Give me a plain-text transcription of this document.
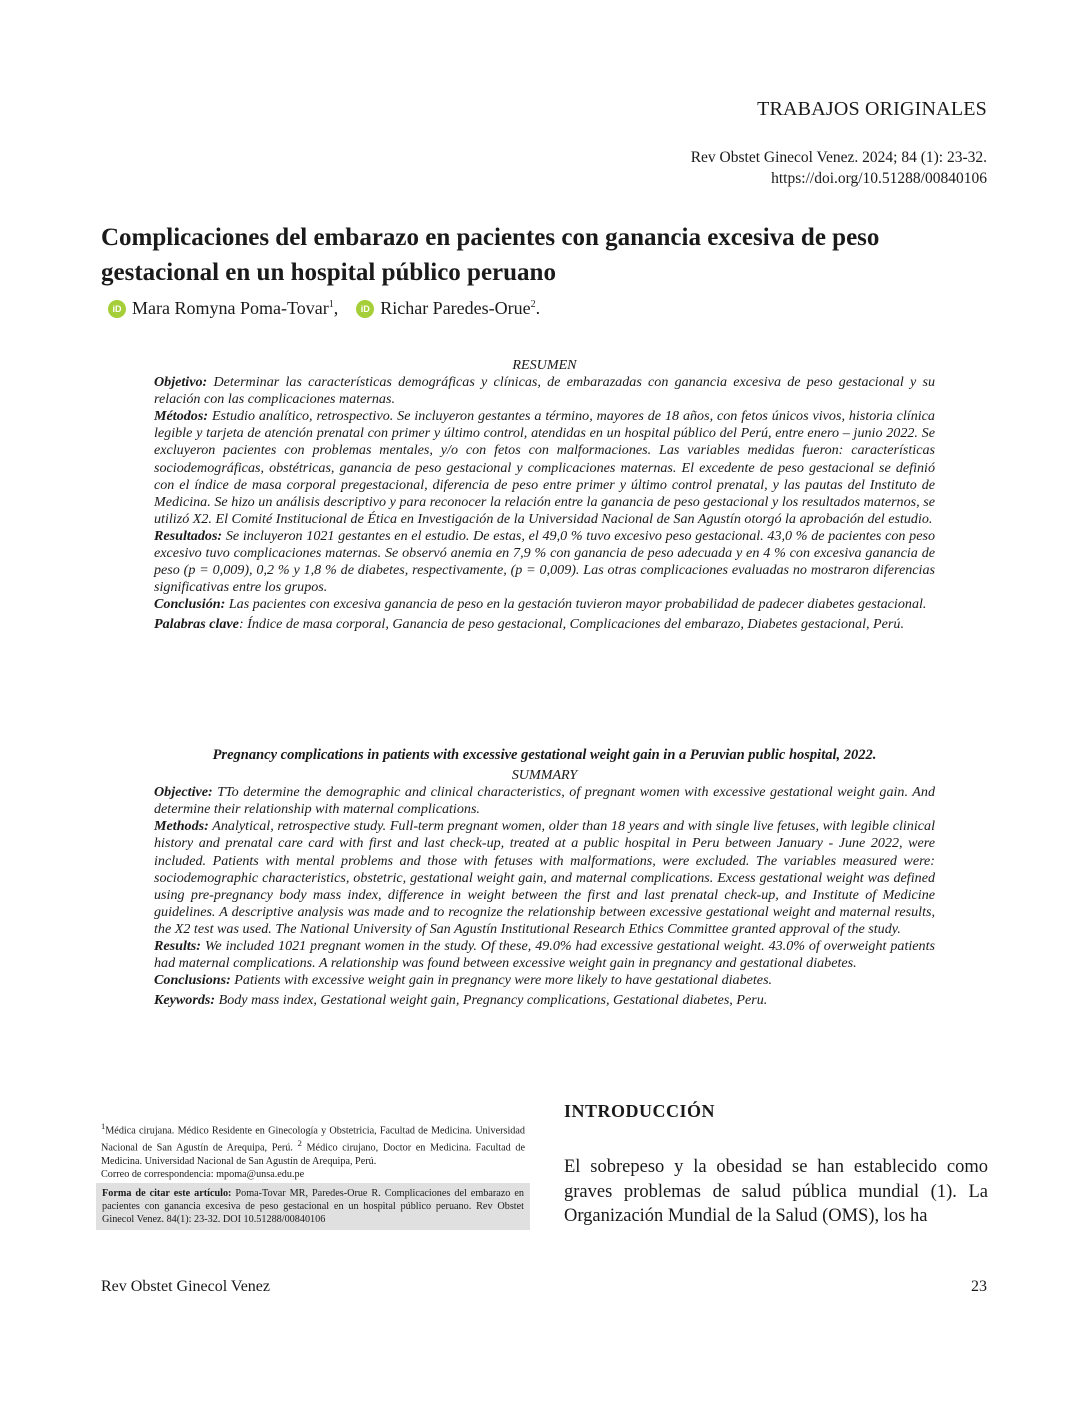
TRABAJOS ORIGINALES
Rev Obstet Ginecol Venez. 2024; 84 (1): 23-32.
https://doi.org/10.51288/00840106
Complicaciones del embarazo en pacientes con ganancia excesiva de peso gestacional en un hospital público peruano
iD Mara Romyna Poma-Tovar$^1$,	iD Richar Paredes-Orue$^2$.

RESUMEN

Objetivo: Determinar las características demográficas y clínicas, de embarazadas con ganancia excesiva de peso gestacional y su relación con las complicaciones maternas.

Métodos: Estudio analítico, retrospectivo. Se incluyeron gestantes a término, mayores de 18 años, con fetos únicos vivos, historia clínica legible y tarjeta de atención prenatal con primer y último control, atendidas en un hospital público del Perú, entre enero – junio 2022. Se excluyeron pacientes con problemas mentales, y/o con fetos con malformaciones. Las variables medidas fueron: características sociodemográficas, obstétricas, ganancia de peso gestacional y complicaciones maternas. El excedente de peso gestacional se definió con el índice de masa corporal pregestacional, diferencia de peso entre primer y último control prenatal, y las pautas del Instituto de Medicina. Se hizo un análisis descriptivo y para reconocer la relación entre la ganancia de peso gestacional y los resultados maternos, se utilizó X2. El Comité Institucional de Ética en Investigación de la Universidad Nacional de San Agustín otorgó la aprobación del estudio.

Resultados: Se incluyeron 1021 gestantes en el estudio. De estas, el 49,0 % tuvo excesivo peso gestacional. 43,0 % de pacientes con peso excesivo tuvo complicaciones maternas. Se observó anemia en 7,9 % con ganancia de peso adecuada y en 4 % con excesiva ganancia de peso (p = 0,009), 0,2 % y 1,8 % de diabetes, respectivamente, (p = 0,009). Las otras complicaciones evaluadas no mostraron diferencias significativas entre los grupos.

Conclusión: Las pacientes con excesiva ganancia de peso en la gestación tuvieron mayor probabilidad de padecer diabetes gestacional.

Palabras clave: Índice de masa corporal, Ganancia de peso gestacional, Complicaciones del embarazo, Diabetes gestacional, Perú.

Pregnancy complications in patients with excessive gestational weight gain in a Peruvian public hospital, 2022.

SUMMARY

Objective: TTo determine the demographic and clinical characteristics, of pregnant women with excessive gestational weight gain. And determine their relationship with maternal complications.

Methods: Analytical, retrospective study. Full-term pregnant women, older than 18 years and with single live fetuses, with legible clinical history and prenatal care card with first and last check-up, treated at a public hospital in Peru between January - June 2022, were included. Patients with mental problems and those with fetuses with malformations, were excluded. The variables measured were: sociodemographic characteristics, obstetric, gestational weight gain, and maternal complications. Excess gestational weight was defined using pre-pregnancy body mass index, difference in weight between the first and last prenatal check-up, and Institute of Medicine guidelines. A descriptive analysis was made and to recognize the relationship between excessive gestational weight and maternal results, the X2 test was used. The National University of San Agustín Institutional Research Ethics Committee granted approval of the study.

Results: We included 1021 pregnant women in the study. Of these, 49.0% had excessive gestational weight. 43.0% of overweight patients had maternal complications. A relationship was found between excessive weight gain in pregnancy and gestational diabetes.

Conclusions: Patients with excessive weight gain in pregnancy were more likely to have gestational diabetes.

Keywords: Body mass index, Gestational weight gain, Pregnancy complications, Gestational diabetes, Peru.

$^1$Médica cirujana. Médico Residente en Ginecología y Obstetricia, Facultad de Medicina. Universidad Nacional de San Agustín de Arequipa, Perú. $^2$ Médico cirujano, Doctor en Medicina. Facultad de Medicina. Universidad Nacional de San Agustín de Arequipa, Perú.
Correo de correspondencia: mpoma@unsa.edu.pe
Forma de citar este artículo: Poma-Tovar MR, Paredes-Orue R. Complicaciones del embarazo en pacientes con ganancia excesiva de peso gestacional en un hospital público peruano. Rev Obstet Ginecol Venez. 84(1): 23-32. DOI 10.51288/00840106
INTRODUCCIÓN
El sobrepeso y la obesidad se han establecido como graves problemas de salud pública mundial (1). La Organización Mundial de la Salud (OMS), los ha
Rev Obstet Ginecol Venez	23
